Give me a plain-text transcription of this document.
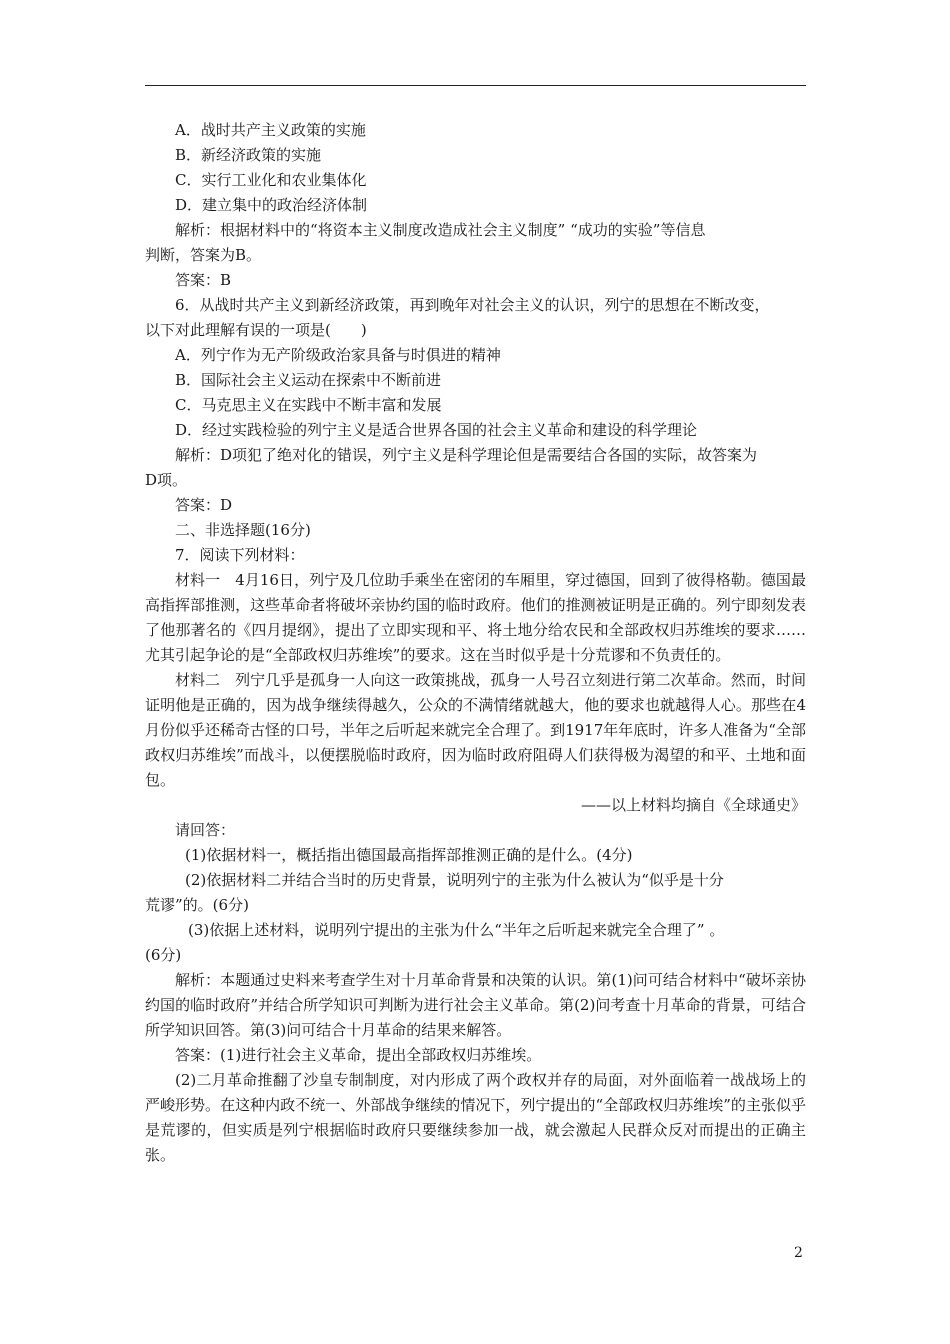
A．战时共产主义政策的实施
B．新经济政策的实施
C．实行工业化和农业集体化
D．建立集中的政治经济体制
解析：根据材料中的“将资本主义制度改造成社会主义制度” “成功的实验”等信息
判断，答案为B。
答案：B
6．从战时共产主义到新经济政策，再到晚年对社会主义的认识，列宁的思想在不断改变，
以下对此理解有误的一项是(　　)
A．列宁作为无产阶级政治家具备与时俱进的精神
B．国际社会主义运动在探索中不断前进
C．马克思主义在实践中不断丰富和发展
D．经过实践检验的列宁主义是适合世界各国的社会主义革命和建设的科学理论
解析：D项犯了绝对化的错误，列宁主义是科学理论但是需要结合各国的实际，故答案为
D项。
答案：D
二、非选择题(16分)
7．阅读下列材料：
材料一　4月16日，列宁及几位助手乘坐在密闭的车厢里，穿过德国，回到了彼得格勒。德国最高指挥部推测，这些革命者将破坏亲协约国的临时政府。他们的推测被证明是正确的。列宁即刻发表了他那著名的《四月提纲》，提出了立即实现和平、将土地分给农民和全部政权归苏维埃的要求……尤其引起争论的是“全部政权归苏维埃”的要求。这在当时似乎是十分荒谬和不负责任的。
材料二　列宁几乎是孤身一人向这一政策挑战，孤身一人号召立刻进行第二次革命。然而，时间证明他是正确的，因为战争继续得越久，公众的不满情绪就越大，他的要求也就越得人心。那些在4月份似乎还稀奇古怪的口号，半年之后听起来就完全合理了。到1917年年底时，许多人准备为“全部政权归苏维埃”而战斗，以便摆脱临时政府，因为临时政府阻碍人们获得极为渴望的和平、土地和面包。
——以上材料均摘自《全球通史》
请回答：
(1)依据材料一，概括指出德国最高指挥部推测正确的是什么。(4分)
(2)依据材料二并结合当时的历史背景，说明列宁的主张为什么被认为“似乎是十分
荒谬”的。(6分)
(3)依据上述材料，说明列宁提出的主张为什么“半年之后听起来就完全合理了” 。
(6分)
解析：本题通过史料来考查学生对十月革命背景和决策的认识。第(1)问可结合材料中“破坏亲协约国的临时政府”并结合所学知识可判断为进行社会主义革命。第(2)问考查十月革命的背景，可结合所学知识回答。第(3)问可结合十月革命的结果来解答。
答案：(1)进行社会主义革命，提出全部政权归苏维埃。
(2)二月革命推翻了沙皇专制制度，对内形成了两个政权并存的局面，对外面临着一战战场上的严峻形势。在这种内政不统一、外部战争继续的情况下，列宁提出的“全部政权归苏维埃”的主张似乎是荒谬的，但实质是列宁根据临时政府只要继续参加一战，就会激起人民群众反对而提出的正确主张。
2
